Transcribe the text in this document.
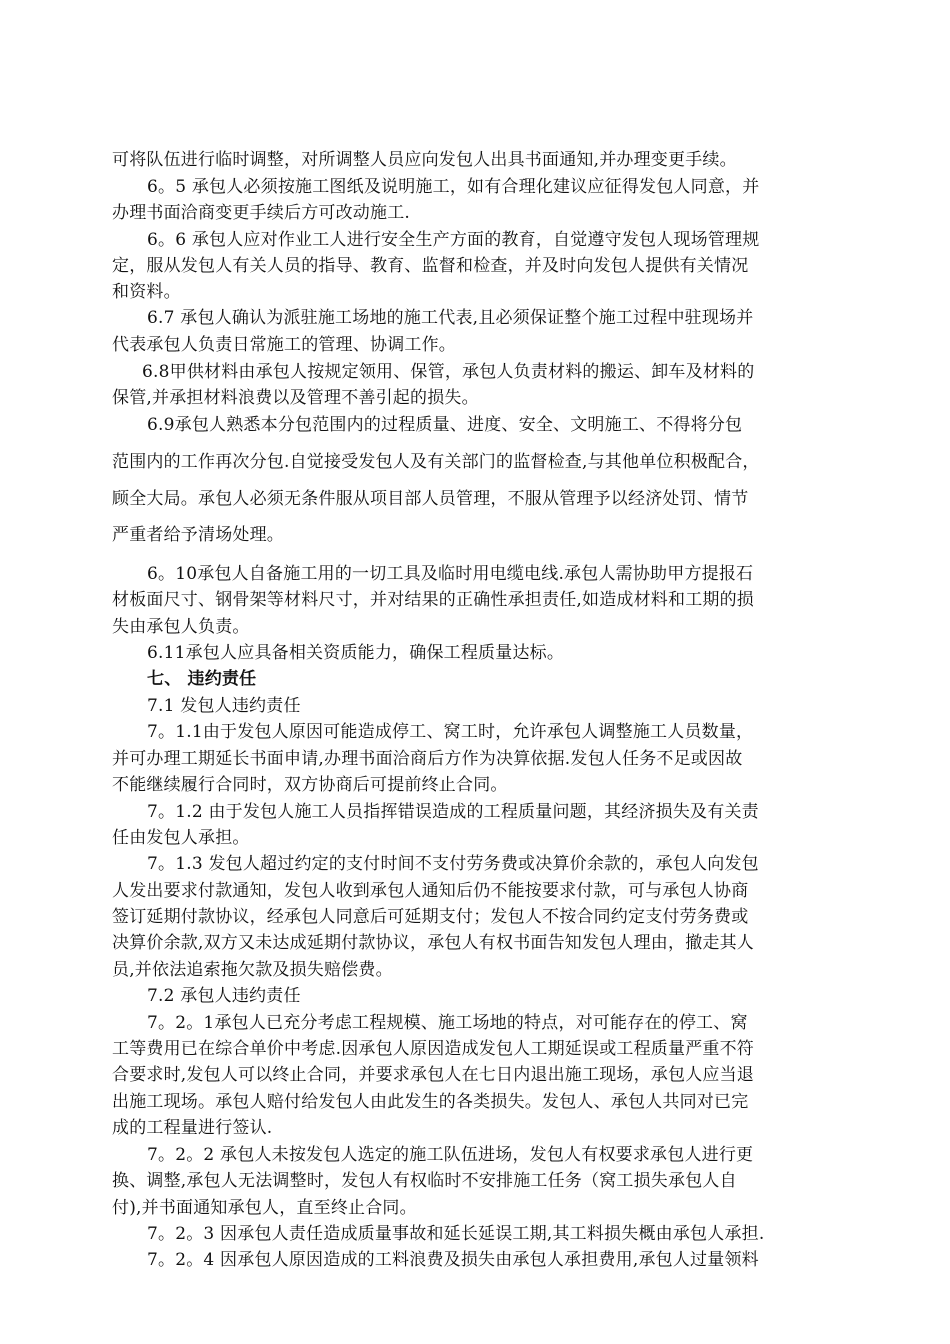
可将队伍进行临时调整，对所调整人员应向发包人出具书面通知,并办理变更手续。
6。5 承包人必须按施工图纸及说明施工，如有合理化建议应征得发包人同意，并
办理书面洽商变更手续后方可改动施工.
6。6 承包人应对作业工人进行安全生产方面的教育，自觉遵守发包人现场管理规
定，服从发包人有关人员的指导、教育、监督和检查，并及时向发包人提供有关情况
和资料。
6.7 承包人确认为派驻施工场地的施工代表,且必须保证整个施工过程中驻现场并
代表承包人负责日常施工的管理、协调工作。
6.8甲供材料由承包人按规定领用、保管，承包人负责材料的搬运、卸车及材料的
保管,并承担材料浪费以及管理不善引起的损失。
6.9承包人熟悉本分包范围内的过程质量、进度、安全、文明施工、不得将分包
范围内的工作再次分包.自觉接受发包人及有关部门的监督检查,与其他单位积极配合，
顾全大局。承包人必须无条件服从项目部人员管理，不服从管理予以经济处罚、情节
严重者给予清场处理。
6。10承包人自备施工用的一切工具及临时用电缆电线.承包人需协助甲方提报石
材板面尺寸、钢骨架等材料尺寸，并对结果的正确性承担责任,如造成材料和工期的损
失由承包人负责。
6.11承包人应具备相关资质能力，确保工程质量达标。
七、 违约责任
7.1 发包人违约责任
7。1.1由于发包人原因可能造成停工、窝工时，允许承包人调整施工人员数量，
并可办理工期延长书面申请,办理书面洽商后方作为决算依据.发包人任务不足或因故
不能继续履行合同时，双方协商后可提前终止合同。
7。1.2 由于发包人施工人员指挥错误造成的工程质量问题，其经济损失及有关责
任由发包人承担。
7。1.3 发包人超过约定的支付时间不支付劳务费或决算价余款的，承包人向发包
人发出要求付款通知，发包人收到承包人通知后仍不能按要求付款，可与承包人协商
签订延期付款协议，经承包人同意后可延期支付；发包人不按合同约定支付劳务费或
决算价余款,双方又未达成延期付款协议，承包人有权书面告知发包人理由，撤走其人
员,并依法追索拖欠款及损失赔偿费。
7.2 承包人违约责任
7。2。1承包人已充分考虑工程规模、施工场地的特点，对可能存在的停工、窝
工等费用已在综合单价中考虑.因承包人原因造成发包人工期延误或工程质量严重不符
合要求时,发包人可以终止合同，并要求承包人在七日内退出施工现场，承包人应当退
出施工现场。承包人赔付给发包人由此发生的各类损失。发包人、承包人共同对已完
成的工程量进行签认.
7。2。2 承包人未按发包人选定的施工队伍进场，发包人有权要求承包人进行更
换、调整,承包人无法调整时，发包人有权临时不安排施工任务（窝工损失承包人自
付),并书面通知承包人，直至终止合同。
7。2。3 因承包人责任造成质量事故和延长延误工期,其工料损失概由承包人承担.
7。2。4 因承包人原因造成的工料浪费及损失由承包人承担费用,承包人过量领料
